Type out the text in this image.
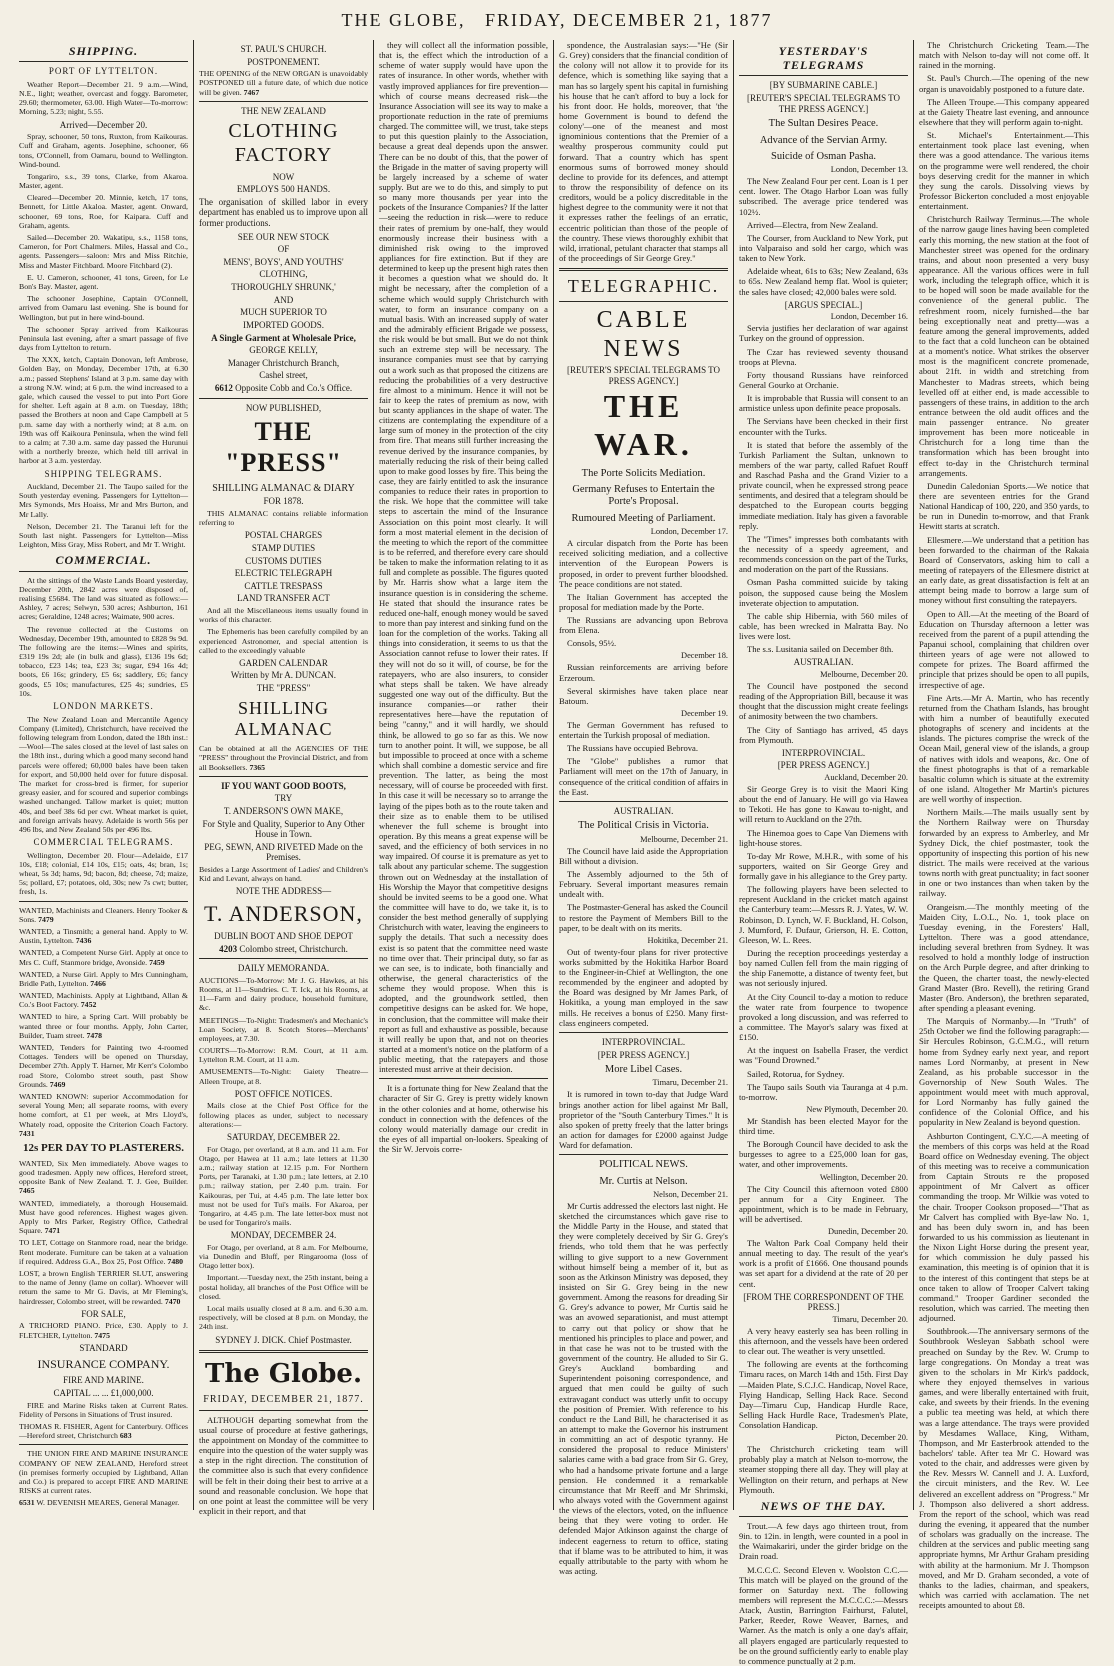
THE GLOBE,
FRIDAY, DECEMBER 21, 1877
SHIPPING.
PORT OF LYTTELTON.

Weather Report—December 21. 9 a.m.—Wind, N.E., light; weather, overcast and foggy. Barometer, 29.60; thermometer, 63.00. High Water—To-morrow: Morning, 5.23; night, 5.55.

Arrived—December 20.

Spray, schooner, 50 tons, Ruxton, from Kaikouras. Cuff and Graham, agents. Josephine, schooner, 66 tons, O'Connell, from Oamaru, bound to Wellington. Wind-bound.

Tongariro, s.s., 39 tons, Clarke, from Akaroa. Master, agent.

Cleared—December 20. Minnie, ketch, 17 tons, Bennett, for Little Akaloa. Master, agent. Onward, schooner, 69 tons, Roe, for Kaipara. Cuff and Graham, agents.

Sailed—December 20. Wakatipu, s.s., 1158 tons, Cameron, for Port Chalmers. Miles, Hassal and Co., agents. Passengers—saloon: Mrs and Miss Ritchie, Miss and Master Fitchbard. Moore Fitchbard (2).

E. U. Cameron, schooner, 41 tons, Green, for Le Bon's Bay. Master, agent.

The schooner Josephine, Captain O'Connell, arrived from Oamaru last evening. She is bound for Wellington, but put in here wind-bound.

The schooner Spray arrived from Kaikouras Peninsula last evening, after a smart passage of five days from Lyttelton to return.

The XXX, ketch, Captain Donovan, left Ambrose, Golden Bay, on Monday, December 17th, at 6.30 a.m.; passed Stephens' Island at 3 p.m. same day with a strong N.W. wind; at 6 p.m. the wind increased to a gale, which caused the vessel to put into Port Gore for shelter. Left again at 8 a.m. on Tuesday, 18th; passed the Brothers at noon and Cape Campbell at 5 p.m. same day with a northerly wind; at 8 a.m. on 19th was off Kaikoura Peninsula, when the wind fell to a calm; at 7.30 a.m. same day passed the Hurunui with a northerly breeze, which held till arrival in harbor at 3 a.m. yesterday.

SHIPPING TELEGRAMS.

Auckland, December 21. The Taupo sailed for the South yesterday evening. Passengers for Lyttelton—Mrs Symonds, Mrs Hoaiss, Mr and Mrs Burton, and Mr Lally.

Nelson, December 21. The Taranui left for the South last night. Passengers for Lyttelton—Miss Leighton, Miss Gray, Miss Robert, and Mr T. Wright.

COMMERCIAL.

At the sittings of the Waste Lands Board yesterday, December 20th, 2842 acres were disposed of, realising £5684. The land was situated as follows:—Ashley, 7 acres; Selwyn, 530 acres; Ashburton, 161 acres; Geraldine, 1248 acres; Waimate, 900 acres.

The revenue collected at the Customs on Wednesday, December 19th, amounted to £828 9s 9d. The following are the items:—Wines and spirits, £319 19s 2d; ale (in bulk and glass), £136 19s 6d; tobacco, £23 14s; tea, £23 3s; sugar, £94 16s 4d; boots, £6 16s; grindery, £5 6s; saddlery, £6; fancy goods, £5 10s; manufactures, £25 4s; sundries, £5 10s.

LONDON MARKETS.

The New Zealand Loan and Mercantile Agency Company (Limited), Christchurch, have received the following telegram from London, dated the 18th inst.:—Wool—The sales closed at the level of last sales on the 18th inst., during which a good many second hand parcels were offered; 60,000 bales have been taken for export, and 50,000 held over for future disposal. The market for cross-bred is firmer, for superior greasy easier, and for scoured and superior combings washed unchanged. Tallow market is quiet; mutton 40s, and beef 38s 6d per cwt. Wheat market is quiet, and foreign arrivals heavy. Adelaide is worth 56s per 496 lbs, and New Zealand 50s per 496 lbs.

COMMERCIAL TELEGRAMS.

Wellington, December 20. Flour—Adelaide, £17 10s, £18; colonial, £14 10s, £15; oats, 4s; bran, 1s; wheat, 5s 3d; hams, 9d; bacon, 8d; cheese, 7d; maize, 5s; pollard, £7; potatoes, old, 30s; new 7s cwt; butter, fresh, 1s.

WANTED, Machinists and Cleaners. Henry Tooker & Sons. 7479

WANTED, a Tinsmith; a general hand. Apply to W. Austin, Lyttelton. 7436

WANTED, a Competent Nurse Girl. Apply at once to Mrs C. Cuff, Stanmore bridge, Avonside. 7459

WANTED, a Nurse Girl. Apply to Mrs Cunningham, Bridle Path, Lyttelton. 7466

WANTED, Machinists. Apply at Lightband, Allan & Co.'s Boot Factory. 7452

WANTED to hire, a Spring Cart. Will probably be wanted three or four months. Apply, John Carter, Builder, Tuam street. 7478

WANTED, Tenders for Painting two 4-roomed Cottages. Tenders will be opened on Thursday, December 27th. Apply T. Harner, Mr Kerr's Colombo road Store, Colombo street south, past Show Grounds. 7469

WANTED KNOWN: superior Accommodation for several Young Men; all separate rooms, with every home comfort, at £1 per week, at Mrs Lloyd's, Whately road, opposite the Criterion Coach Factory. 7431

12s PER DAY TO PLASTERERS.

WANTED, Six Men immediately. Above wages to good tradesmen. Apply new offices, Hereford street, opposite Bank of New Zealand. T. J. Gee, Builder. 7465

WANTED, immediately, a thorough Housemaid. Must have good references. Highest wages given. Apply to Mrs Parker, Registry Office, Cathedral Square. 7471

TO LET, Cottage on Stanmore road, near the bridge. Rent moderate. Furniture can be taken at a valuation if required. Address G.A., Box 25, Post Office. 7480

LOST, a brown English TERRIER SLUT, answering to the name of Jenny (lame on collar). Whoever will return the same to Mr G. Davis, at Mr Fleming's, hairdresser, Colombo street, will be rewarded. 7470

FOR SALE,

A TRICHORD PIANO. Price, £30. Apply to J. FLETCHER, Lyttelton. 7475

STANDARD
INSURANCE COMPANY.
FIRE AND MARINE.
CAPITAL ... ... £1,000,000.

FIRE and Marine Risks taken at Current Rates. Fidelity of Persons in Situations of Trust insured.

THOMAS R. FISHER, Agent for Canterbury. Offices—Hereford street, Christchurch 683

THE UNION FIRE AND MARINE INSURANCE COMPANY OF NEW ZEALAND, Hereford street (in premises formerly occupied by Lightband, Allan and Co.) is prepared to accept FIRE AND MARINE RISKS at current rates.

6531 W. DEVENISH MEARES, General Manager.

ST. PAUL'S CHURCH.
POSTPONEMENT.

THE OPENING of the NEW ORGAN is unavoidably POSTPONED till a future date, of which due notice will be given. 7467

THE NEW ZEALAND
CLOTHING FACTORY
NOW
EMPLOYS 500 HANDS.

The organisation of skilled labor in every department has enabled us to improve upon all former productions.

SEE OUR NEW STOCK
OF
MENS', BOYS', AND YOUTHS'
CLOTHING,
THOROUGHLY SHRUNK,'
AND
MUCH SUPERIOR TO
IMPORTED GOODS.
A Single Garment at Wholesale Price,
GEORGE KELLY,
Manager Christchurch Branch,
Cashel street,
6612 Opposite Cobb and Co.'s Office.
NOW PUBLISHED,
THE "PRESS"
SHILLING ALMANAC & DIARY
FOR 1878.

THIS ALMANAC contains reliable information referring to

POSTAL CHARGES
STAMP DUTIES
CUSTOMS DUTIES
ELECTRIC TELEGRAPH
CATTLE TRESPASS
LAND TRANSFER ACT

And all the Miscellaneous items usually found in works of this character.

The Ephemeris has been carefully compiled by an experienced Astronomer, and special attention is called to the exceedingly valuable

GARDEN CALENDAR
Written by Mr A. DUNCAN.
THE "PRESS"
SHILLING ALMANAC

Can be obtained at all the AGENCIES OF THE "PRESS" throughout the Provincial District, and from all Booksellers. 7365

IF YOU WANT GOOD BOOTS,
TRY
T. ANDERSON'S OWN MAKE,
For Style and Quality, Superior to Any Other House in Town.
PEG, SEWN, AND RIVETED Made on the Premises.

Besides a Large Assortment of Ladies' and Children's Kid and Levant, always on hand.

NOTE THE ADDRESS—
T. ANDERSON,
DUBLIN BOOT AND SHOE DEPOT
4203 Colombo street, Christchurch.
DAILY MEMORANDA.

AUCTIONS—To-Morrow: Mr J. G. Hawkes, at his Rooms, at 11—Sundries. C. T. Ick, at his Rooms, at 11—Farm and dairy produce, household furniture, &c.

MEETINGS—To-Night: Tradesmen's and Mechanic's Loan Society, at 8. Scotch Stores—Merchants' employees, at 7.30.

COURTS—To-Morrow: R.M. Court, at 11 a.m. Lyttelton R.M. Court, at 11 a.m.

AMUSEMENTS—To-Night: Gaiety Theatre—Alleen Troupe, at 8.

POST OFFICE NOTICES.

Mails close at the Chief Post Office for the following places as under, subject to necessary alterations:—

SATURDAY, DECEMBER 22.

For Otago, per overland, at 8 a.m. and 11 a.m. For Otago, per Hawea at 11 a.m.; late letters at 11.30 a.m.; railway station at 12.15 p.m. For Northern Ports, per Taranaki, at 1.30 p.m.; late letters, at 2.10 p.m.; railway station, per 2.40 p.m. train. For Kaikouras, per Tui, at 4.45 p.m. The late letter box must not be used for Tui's mails. For Akaroa, per Tongariro, at 4.45 p.m. The late letter-box must not be used for Tongariro's mails.

MONDAY, DECEMBER 24.

For Otago, per overland, at 8 a.m. For Melbourne, via Dunedin and Bluff, per Ringarooma (loss of Otago letter box).

Important.—Tuesday next, the 25th instant, being a postal holiday, all branches of the Post Office will be closed.

Local mails usually closed at 8 a.m. and 6.30 a.m. respectively, will be closed at 8 p.m. on Monday, the 24th inst.

SYDNEY J. DICK. Chief Postmaster.
The Globe.
FRIDAY, DECEMBER 21, 1877.

ALTHOUGH departing somewhat from the usual course of procedure at festive gatherings, the appointment on Monday of the committee to enquire into the question of the water supply was a step in the right direction. The constitution of the committee also is such that every confidence will be felt in their doing their best to arrive at a sound and reasonable conclusion. We hope that on one point at least the committee will be very explicit in their report, and that

they will collect all the information possible, that is, the effect which the introduction of a scheme of water supply would have upon the rates of insurance. In other words, whether with vastly improved appliances for fire prevention—which of course means decreased risk—the Insurance Association will see its way to make a proportionate reduction in the rate of premiums charged. The committee will, we trust, take steps to put this question plainly to the Association, because a great deal depends upon the answer. There can be no doubt of this, that the power of the Brigade in the matter of saving property will be largely increased by a scheme of water supply. But are we to do this, and simply to put so many more thousands per year into the pockets of the Insurance Companies? If the latter—seeing the reduction in risk—were to reduce their rates of premium by one-half, they would enormously increase their business with a diminished risk owing to the improved appliances for fire extinction. But if they are determined to keep up the present high rates then it becomes a question what we should do. It might be necessary, after the completion of a scheme which would supply Christchurch with water, to form an insurance company on a mutual basis. With an increased supply of water and the admirably efficient Brigade we possess, the risk would be but small. But we do not think such an extreme step will be necessary. The insurance companies must see that by carrying out a work such as that proposed the citizens are reducing the probabilities of a very destructive fire almost to a minimum. Hence it will not be fair to keep the rates of premium as now, with but scanty appliances in the shape of water. The citizens are contemplating the expenditure of a large sum of money in the protection of the city from fire. That means still further increasing the revenue derived by the insurance companies, by materially reducing the risk of their being called upon to make good losses by fire. This being the case, they are fairly entitled to ask the insurance companies to reduce their rates in proportion to the risk. We hope that the committee will take steps to ascertain the mind of the Insurance Association on this point most clearly. It will form a most material element in the decision of the meeting to which the report of the committee is to be referred, and therefore every care should be taken to make the information relating to it as full and complete as possible. The figures quoted by Mr. Harris show what a large item the insurance question is in considering the scheme. He stated that should the insurance rates be reduced one-half, enough money would be saved to more than pay interest and sinking fund on the loan for the completion of the works. Taking all things into consideration, it seems to us that the Association cannot refuse to lower their rates. If they will not do so it will, of course, be for the ratepayers, who are also insurers, to consider what steps shall be taken. We have already suggested one way out of the difficulty. But the insurance companies—or rather their representatives here—have the reputation of being "canny," and it will hardly, we should think, be allowed to go so far as this. We now turn to another point. It will, we suppose, be all but impossible to proceed at once with a scheme which shall combine a domestic service and fire prevention. The latter, as being the most necessary, will of course be proceeded with first. In this case it will be necessary so to arrange the laying of the pipes both as to the route taken and their size as to enable them to be utilised whenever the full scheme is brought into operation. By this means a great expense will be saved, and the efficiency of both services in no way impaired. Of course it is premature as yet to talk about any particular scheme. The suggestion thrown out on Wednesday at the installation of His Worship the Mayor that competitive designs should be invited seems to be a good one. What the committee will have to do, we take it, is to consider the best method generally of supplying Christchurch with water, leaving the engineers to supply the details. That such a necessity does exist is so patent that the committee need waste no time over that. Their principal duty, so far as we can see, is to indicate, both financially and otherwise, the general characteristics of the scheme they would propose. When this is adopted, and the groundwork settled, then competitive designs can be asked for. We hope, in conclusion, that the committee will make their report as full and exhaustive as possible, because it will really be upon that, and not on theories started at a moment's notice on the platform of a public meeting, that the ratepayers and those interested must arrive at their decision.

It is a fortunate thing for New Zealand that the character of Sir G. Grey is pretty widely known in the other colonies and at home, otherwise his conduct in connection with the defences of the colony would materially damage our credit in the eyes of all impartial on-lookers. Speaking of the Sir W. Jervois corre-

spondence, the Australasian says:—"He (Sir G. Grey) considers that the financial condition of the colony will not allow it to provide for its defence, which is something like saying that a man has so largely spent his capital in furnishing his house that he can't afford to buy a lock for his front door. He holds, moreover, that 'the home Government is bound to defend the colony'—one of the meanest and most ignominious contentions that the Premier of a wealthy prosperous community could put forward. That a country which has spent enormous sums of borrowed money should decline to provide for its defences, and attempt to throw the responsibility of defence on its creditors, would be a policy discreditable in the highest degree to the community were it not that it expresses rather the feelings of an erratic, eccentric politician than those of the people of the country. These views thoroughly exhibit that wild, irrational, petulant character that stamps all of the proceedings of Sir George Grey."

TELEGRAPHIC.
CABLE NEWS
[REUTER'S SPECIAL TELEGRAMS TO PRESS AGENCY.]
THE WAR.
The Porte Solicits Mediation.
Germany Refuses to Entertain the Porte's Proposal.
Rumoured Meeting of Parliament.
London, December 17.

A circular dispatch from the Porte has been received soliciting mediation, and a collective intervention of the European Powers is proposed, in order to prevent further bloodshed. The peace conditions are not stated.

The Italian Government has accepted the proposal for mediation made by the Porte.

The Russians are advancing upon Bebrova from Elena.

Consols, 95½.

December 18.

Russian reinforcements are arriving before Erzeroum.

Several skirmishes have taken place near Batoum.

December 19.

The German Government has refused to entertain the Turkish proposal of mediation.

The Russians have occupied Bebrova.

The "Globe" publishes a rumor that Parliament will meet on the 17th of January, in consequence of the critical condition of affairs in the East.

AUSTRALIAN.
The Political Crisis in Victoria.
Melbourne, December 21.

The Council have laid aside the Appropriation Bill without a division.

The Assembly adjourned to the 5th of February. Several important measures remain undealt with.

The Postmaster-General has asked the Council to restore the Payment of Members Bill to the paper, to be dealt with on its merits.

Hokitika, December 21.

Out of twenty-four plans for river protective works submitted by the Hokitika Harbor Board to the Engineer-in-Chief at Wellington, the one recommended by the engineer and adopted by the Board was designed by Mr James Park, of Hokitika, a young man employed in the saw mills. He receives a bonus of £250. Many first-class engineers competed.

INTERPROVINCIAL.
[PER PRESS AGENCY.]
More Libel Cases.
Timaru, December 21.

It is rumored in town to-day that Judge Ward brings another action for libel against Mr Ball, proprietor of the "South Canterbury Times." It is also spoken of pretty freely that the latter brings an action for damages for £2000 against Judge Ward for defamation.

POLITICAL NEWS.
Mr. Curtis at Nelson.
Nelson, December 21.

Mr Curtis addressed the electors last night. He sketched the circumstances which gave rise to the Middle Party in the House, and stated that they were completely deceived by Sir G. Grey's friends, who told them that he was perfectly willing to give support to a new Government without himself being a member of it, but as soon as the Atkinson Ministry was deposed, they insisted on Sir G. Grey being in the new government. Among the reasons for dreading Sir G. Grey's advance to power, Mr Curtis said he was an avowed separationist, and must attempt to carry out that policy or show that he mentioned his principles to place and power, and in that case he was not to be trusted with the government of the country. He alluded to Sir G. Grey's Auckland bombarding and Superintendent poisoning correspondence, and argued that men could be guilty of such extravagant conduct was utterly unfit to occupy the position of Premier. With reference to his conduct re the Land Bill, he characterised it as an attempt to make the Governor his instrument in committing an act of despotic tyranny. He considered the proposal to reduce Ministers' salaries came with a bad grace from Sir G. Grey, who had a handsome private fortune and a large pension. He condemned it a remarkable circumstance that Mr Reeff and Mr Shrimski, who always voted with the Government against the views of the electors, voted, on the influence being that they were voting to order. He defended Major Atkinson against the charge of indecent eagerness to return to office, stating that if blame was to be attributed to him, it was equally attributable to the party with whom he was acting.

YESTERDAY'S TELEGRAMS
[BY SUBMARINE CABLE.]
[REUTER'S SPECIAL TELEGRAMS TO THE PRESS AGENCY.]
The Sultan Desires Peace.
Advance of the Servian Army.
Suicide of Osman Pasha.
London, December 13.

The New Zealand Four per cent. Loan is 1 per cent. lower. The Otago Harbor Loan was fully subscribed. The average price tendered was 102½.

Arrived—Electra, from New Zealand.

The Courser, from Auckland to New York, put into Valparaiso and sold her cargo, which was taken to New York.

Adelaide wheat, 61s to 63s; New Zealand, 63s to 65s. New Zealand hemp flat. Wool is quieter; the sales have closed; 42,000 bales were sold.

[ARGUS SPECIAL.]
London, December 16.

Servia justifies her declaration of war against Turkey on the ground of oppression.

The Czar has reviewed seventy thousand troops at Plevna.

Forty thousand Russians have reinforced General Gourko at Orchanie.

It is improbable that Russia will consent to an armistice unless upon definite peace proposals.

The Servians have been checked in their first encounter with the Turks.

It is stated that before the assembly of the Turkish Parliament the Sultan, unknown to members of the war party, called Rafuet Rouff and Raschad Pasha and the Grand Vizier to a private council, when he expressed strong peace sentiments, and desired that a telegram should be despatched to the European courts begging immediate mediation. Italy has given a favorable reply.

The "Times" impresses both combatants with the necessity of a speedy agreement, and recommends concession on the part of the Turks, and moderation on the part of the Russians.

Osman Pasha committed suicide by taking poison, the supposed cause being the Moslem inveterate objection to amputation.

The cable ship Hibernia, with 560 miles of cable, has been wrecked in Malratta Bay. No lives were lost.

The s.s. Lusitania sailed on December 8th.

AUSTRALIAN.
Melbourne, December 20.

The Council have postponed the second reading of the Appropriation Bill, because it was thought that the discussion might create feelings of animosity between the two chambers.

The City of Santiago has arrived, 45 days from Plymouth.

INTERPROVINCIAL.
[PER PRESS AGENCY.]
Auckland, December 20.

Sir George Grey is to visit the Maori King about the end of January. He will go via Hawea to Tekoti. He has gone to Kawau to-night, and will return to Auckland on the 27th.

The Hinemoa goes to Cape Van Diemens with light-house stores.

To-day Mr Rowe, M.H.R., with some of his supporters, waited on Sir George Grey and formally gave in his allegiance to the Grey party.

The following players have been selected to represent Auckland in the cricket match against the Canterbury team:—Messrs R. J. Yates, W. W. Robinson, D. Lynch, W. F. Buckland, H. Colson, J. Mumford, F. Dufaur, Grierson, H. E. Cotton, Gleeson, W. L. Rees.

During the reception proceedings yesterday a boy named Cullen fell from the main rigging of the ship Fanemotte, a distance of twenty feet, but was not seriously injured.

At the City Council to-day a motion to reduce the water rate from fourpence to twopence provoked a long discussion, and was referred to a committee. The Mayor's salary was fixed at £150.

At the inquest on Isabella Fraser, the verdict was "Found Drowned."

Sailed, Rotorua, for Sydney.

The Taupo sails South via Tauranga at 4 p.m. to-morrow.

New Plymouth, December 20.

Mr Standish has been elected Mayor for the third time.

The Borough Council have decided to ask the burgesses to agree to a £25,000 loan for gas, water, and other improvements.

Wellington, December 20.

The City Council this afternoon voted £800 per annum for a City Engineer. The appointment, which is to be made in February, will be advertised.

Dunedin, December 20.

The Walton Park Coal Company held their annual meeting to day. The result of the year's work is a profit of £1666. One thousand pounds was set apart for a dividend at the rate of 20 per cent.

[FROM THE CORRESPONDENT OF THE PRESS.]
Timaru, December 20.

A very heavy easterly sea has been rolling in this afternoon, and the vessels have been ordered to clear out. The weather is very unsettled.

The following are events at the forthcoming Timaru races, on March 14th and 15th. First Day—Maiden Plate, S.C.J.C. Handicap, Novel Race, Flying Handicap, Selling Hack Race. Second Day—Timaru Cup, Handicap Hurdle Race, Selling Hack Hurdle Race, Tradesmen's Plate, Consolation Handicap.

Picton, December 20.

The Christchurch cricketing team will probably play a match at Nelson to-morrow, the steamer stopping there all day. They will play at Wellington on their return, and perhaps at New Plymouth.

NEWS OF THE DAY.

Trout.—A few days ago thirteen trout, from 9in. to 12in. in length, were counted in a pool in the Waimakariri, under the girder bridge on the Drain road.

M.C.C.C. Second Eleven v. Woolston C.C.—This match will be played on the ground of the former on Saturday next. The following members will represent the M.C.C.C.:—Messrs Atack, Austin, Barrington Fairhurst, Falutel, Parker, Reeder, Rowe Weaver, Barnes, and Warner. As the match is only a one day's affair, all players engaged are particularly requested to be on the ground sufficiently early to enable play to commence punctually at 2 p.m.

The Christchurch Cricketing Team.—The match with Nelson to-day will not come off. It rained in the morning.

St. Paul's Church.—The opening of the new organ is unavoidably postponed to a future date.

The Alleen Troupe.—This company appeared at the Gaiety Theatre last evening, and announce elsewhere that they will perform again to-night.

St. Michael's Entertainment.—This entertainment took place last evening, when there was a good attendance. The various items on the programme were well rendered, the choir boys deserving credit for the manner in which they sung the carols. Dissolving views by Professor Bickerton concluded a most enjoyable entertainment.

Christchurch Railway Terminus.—The whole of the narrow gauge lines having been completed early this morning, the new station at the foot of Manchester street was opened for the ordinary trains, and about noon presented a very busy appearance. All the various offices were in full work, including the telegraph office, which it is to be hoped will soon be made available for the convenience of the general public. The refreshment room, nicely furnished—the bar being exceptionally neat and pretty—was a feature among the general improvements, added to the fact that a cold luncheon can be obtained at a moment's notice. What strikes the observer most is the magnificent concrete promenade, about 21ft. in width and stretching from Manchester to Madras streets, which being levelled off at either end, is made accessible to passengers of these trains, in addition to the arch entrance between the old audit offices and the main passenger entrance. No greater improvement has been more noticeable in Christchurch for a long time than the transformation which has been brought into effect to-day in the Christchurch terminal arrangements.

Dunedin Caledonian Sports.—We notice that there are seventeen entries for the Grand National Handicap of 100, 220, and 350 yards, to be run in Dunedin to-morrow, and that Frank Hewitt starts at scratch.

Ellesmere.—We understand that a petition has been forwarded to the chairman of the Rakaia Board of Conservators, asking him to call a meeting of ratepayers of the Ellesmere district at an early date, as great dissatisfaction is felt at an attempt being made to borrow a large sum of money without first consulting the ratepayers.

Open to All.—At the meeting of the Board of Education on Thursday afternoon a letter was received from the parent of a pupil attending the Papanui school, complaining that children over thirteen years of age were not allowed to compete for prizes. The Board affirmed the principle that prizes should be open to all pupils, irrespective of age.

Fine Arts.—Mr A. Martin, who has recently returned from the Chatham Islands, has brought with him a number of beautifully executed photographs of scenery and incidents at the islands. The pictures comprise the wreck of the Ocean Mail, general view of the islands, a group of natives with idols and weapons, &c. One of the finest photographs is that of a remarkable basaltic column which is situate at the extremity of one island. Altogether Mr Martin's pictures are well worthy of inspection.

Northern Mails.—The mails usually sent by the Northern Railway were on Thursday forwarded by an express to Amberley, and Mr Sydney Dick, the chief postmaster, took the opportunity of inspecting this portion of his new district. The mails were received at the various towns north with great punctuality; in fact sooner in one or two instances than when taken by the railway.

Orangeism.—The monthly meeting of the Maiden City, L.O.L., No. 1, took place on Tuesday evening, in the Foresters' Hall, Lyttelton. There was a good attendance, including several brethren from Sydney. It was resolved to hold a monthly lodge of instruction on the Arch Purple degree, and after drinking to the Queen, the charter toast, the newly-elected Grand Master (Bro. Revell), the retiring Grand Master (Bro. Anderson), the brethren separated, after spending a pleasant evening.

The Marquis of Normanby.—In "Truth" of 25th October we find the following paragraph:—Sir Hercules Robinson, G.C.M.G., will return home from Sydney early next year, and report names Lord Normanby, at present in New Zealand, as his probable successor in the Governorship of New South Wales. The appointment would meet with much approval, for Lord Normanby has fully gained the confidence of the Colonial Office, and his popularity in New Zealand is beyond question.

Ashburton Contingent, C.Y.C.—A meeting of the members of this corps was held at the Road Board office on Wednesday evening. The object of this meeting was to receive a communication from Captain Strouts re the proposed appointment of Mr Calvert as officer commanding the troop. Mr Wilkie was voted to the chair. Trooper Cookson proposed—"That as Mr Calvert has complied with Bye-law No. 1, and has been duly sworn in, and has been forwarded to us his commission as lieutenant in the Nixon Light Horse during the present year, for which commission he duly passed his examination, this meeting is of opinion that it is to the interest of this contingent that steps be at once taken to allow of Trooper Calvert taking command." Trooper Gardiner seconded the resolution, which was carried. The meeting then adjourned.

Southbrook.—The anniversary sermons of the Southbrook Wesleyan Sabbath school were preached on Sunday by the Rev. W. Crump to large congregations. On Monday a treat was given to the scholars in Mr Kirk's paddock, where they enjoyed themselves in various games, and were liberally entertained with fruit, cake, and sweets by their friends. In the evening a public tea meeting was held, at which there was a large attendance. The trays were provided by Mesdames Wallace, King, Witham, Thompson, and Mr Easterbrook attended to the bachelors' table. After tea Mr C. Howard was voted to the chair, and addresses were given by the Rev. Messrs W. Cannell and J. A. Luxford, the circuit ministers, and the Rev. W. Lee delivered an excellent address on "Progress." Mr J. Thompson also delivered a short address. From the report of the school, which was read during the evening, it appeared that the number of scholars was gradually on the increase. The children at the services and public meeting sang appropriate hymns, Mr Arthur Graham presiding with ability at the harmonium. Mr J. Thompson moved, and Mr D. Graham seconded, a vote of thanks to the ladies, chairman, and speakers, which was carried with acclamation. The net receipts amounted to about £8.
